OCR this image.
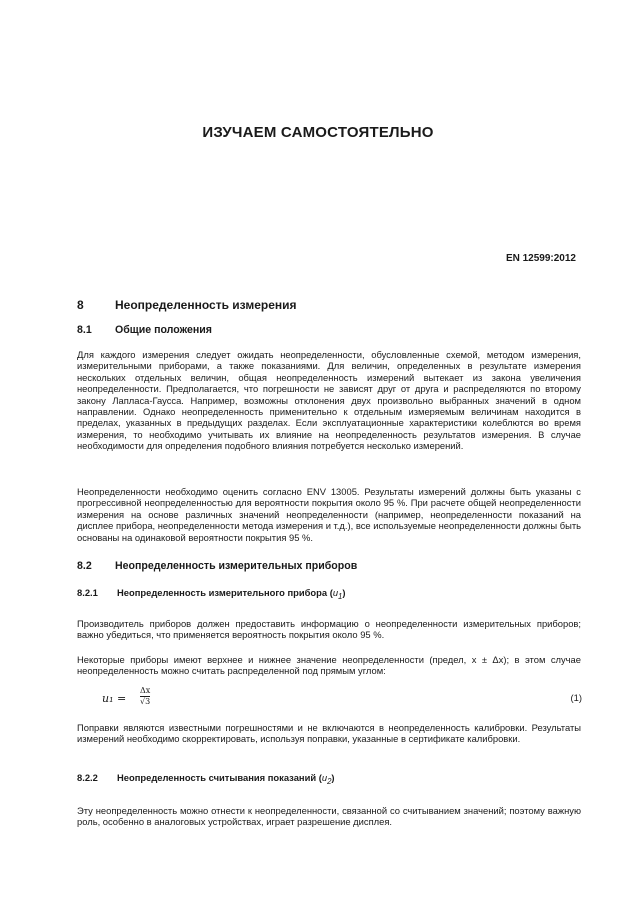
ИЗУЧАЕМ САМОСТОЯТЕЛЬНО
EN 12599:2012
8	Неопределенность измерения
8.1 Общие положения

Для каждого измерения следует ожидать неопределенности, обусловленные схемой, методом измерения, измерительными приборами, а также показаниями. Для величин, определенных в результате измерения нескольких отдельных величин, общая неопределенность измерений вытекает из закона увеличения неопределенности. Предполагается, что погрешности не зависят друг от друга и распределяются по второму закону Лапласа-Гаусса. Например, возможны отклонения двух произвольно выбранных значений в одном направлении. Однако неопределенность применительно к отдельным измеряемым величинам находится в пределах, указанных в предыдущих разделах. Если эксплуатационные характеристики колеблются во время измерения, то необходимо учитывать их влияние на неопределенность результатов измерения. В случае необходимости для определения подобного влияния потребуется несколько измерений.

Неопределенности необходимо оценить согласно ENV 13005. Результаты измерений должны быть указаны с прогрессивной неопределенностью для вероятности покрытия около 95 %. При расчете общей неопределенности измерения на основе различных значений неопределенности (например, неопределенности показаний на дисплее прибора, неопределенности метода измерения и т.д.), все используемые неопределенности должны быть основаны на одинаковой вероятности покрытия 95 %.

8.2 Неопределенность измерительных приборов
8.2.1 Неопределенность измерительного прибора $(u_1)$

Производитель приборов должен предоставить информацию о неопределенности измерительных приборов; важно убедиться, что применяется вероятность покрытия около 95 %.

Некоторые приборы имеют верхнее и нижнее значение неопределенности (предел, x ± Δx); в этом случае неопределенность можно считать распределенной под прямым углом:

$u_1 = \frac{\Delta x}{√3}$	(1)

Поправки являются известными погрешностями и не включаются в неопределенность калибровки. Результаты измерений необходимо скорректировать, используя поправки, указанные в сертификате калибровки.

8.2.2 Неопределенность считывания показаний $(u_2)$

Эту неопределенность можно отнести к неопределенности, связанной со считыванием значений; поэтому важную роль, особенно в аналоговых устройствах, играет разрешение дисплея.
